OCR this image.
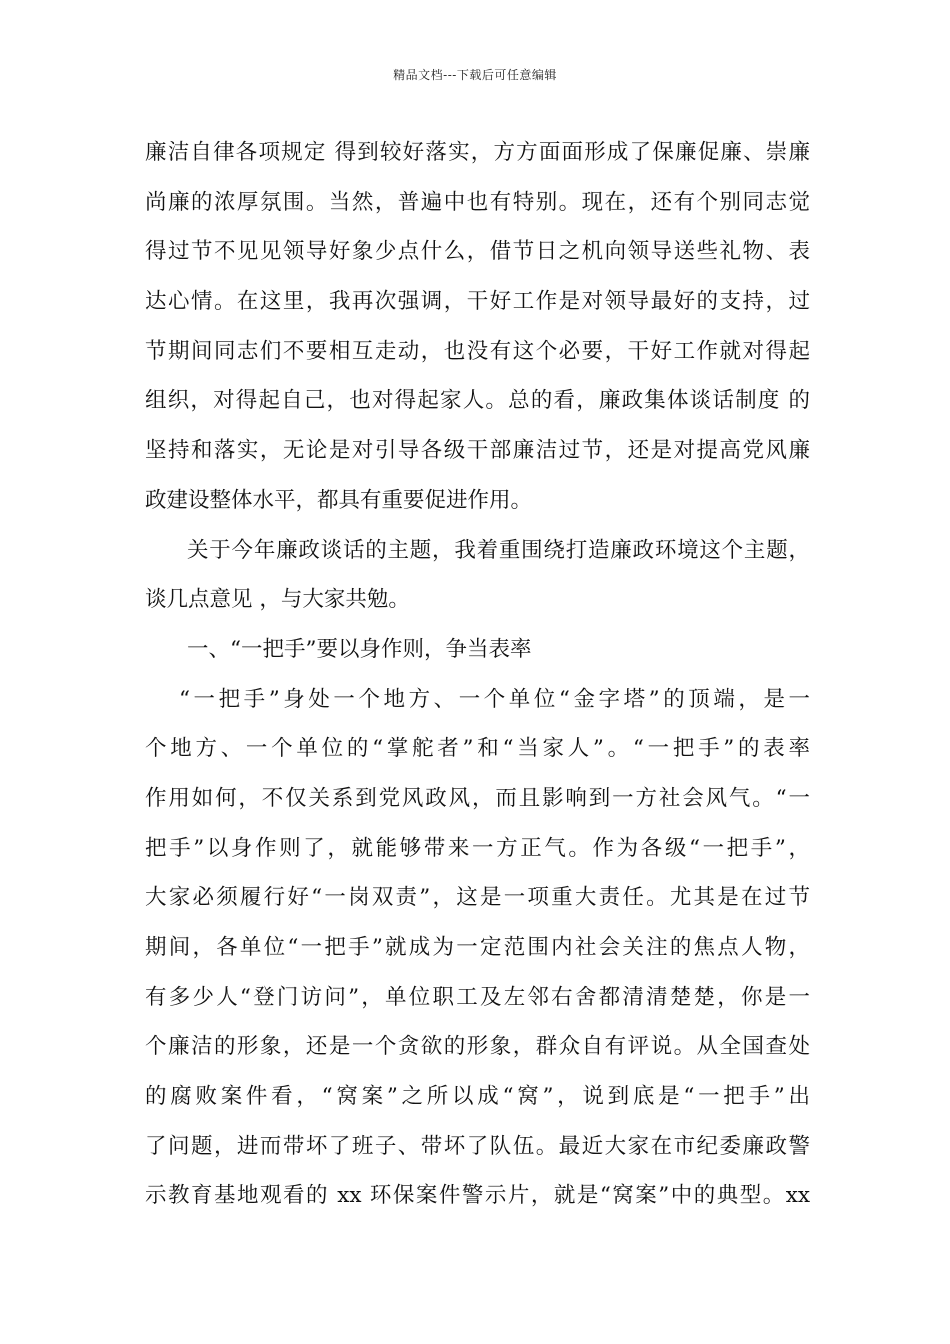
精品文档---下载后可任意编辑
廉洁自律各项规定 得到较好落实，方方面面形成了保廉促廉、崇廉
尚廉的浓厚氛围。当然，普遍中也有特别。现在，还有个别同志觉
得过节不见见领导好象少点什么，借节日之机向领导送些礼物、表
达心情。在这里，我再次强调，干好工作是对领导最好的支持，过
节期间同志们不要相互走动，也没有这个必要，干好工作就对得起
组织，对得起自己，也对得起家人。总的看，廉政集体谈话制度 的
坚持和落实，无论是对引导各级干部廉洁过节，还是对提高党风廉
政建设整体水平，都具有重要促进作用。
关于今年廉政谈话的主题，我着重围绕打造廉政环境这个主题，
谈几点意见 ，与大家共勉。
一、“一把手”要以身作则，争当表率
“一把手”身处一个地方、一个单位“金字塔”的顶端，是一
个地方、一个单位的“掌舵者”和“当家人”。“一把手”的表率
作用如何，不仅关系到党风政风，而且影响到一方社会风气。“一
把手”以身作则了，就能够带来一方正气。作为各级“一把手”，
大家必须履行好“一岗双责”，这是一项重大责任。尤其是在过节
期间，各单位“一把手”就成为一定范围内社会关注的焦点人物，
有多少人“登门访问”，单位职工及左邻右舍都清清楚楚，你是一
个廉洁的形象，还是一个贪欲的形象，群众自有评说。从全国查处
的腐败案件看，“窝案”之所以成“窝”，说到底是“一把手”出
了问题，进而带坏了班子、带坏了队伍。最近大家在市纪委廉政警
示教育基地观看的 xx 环保案件警示片，就是“窝案”中的典型。xx
